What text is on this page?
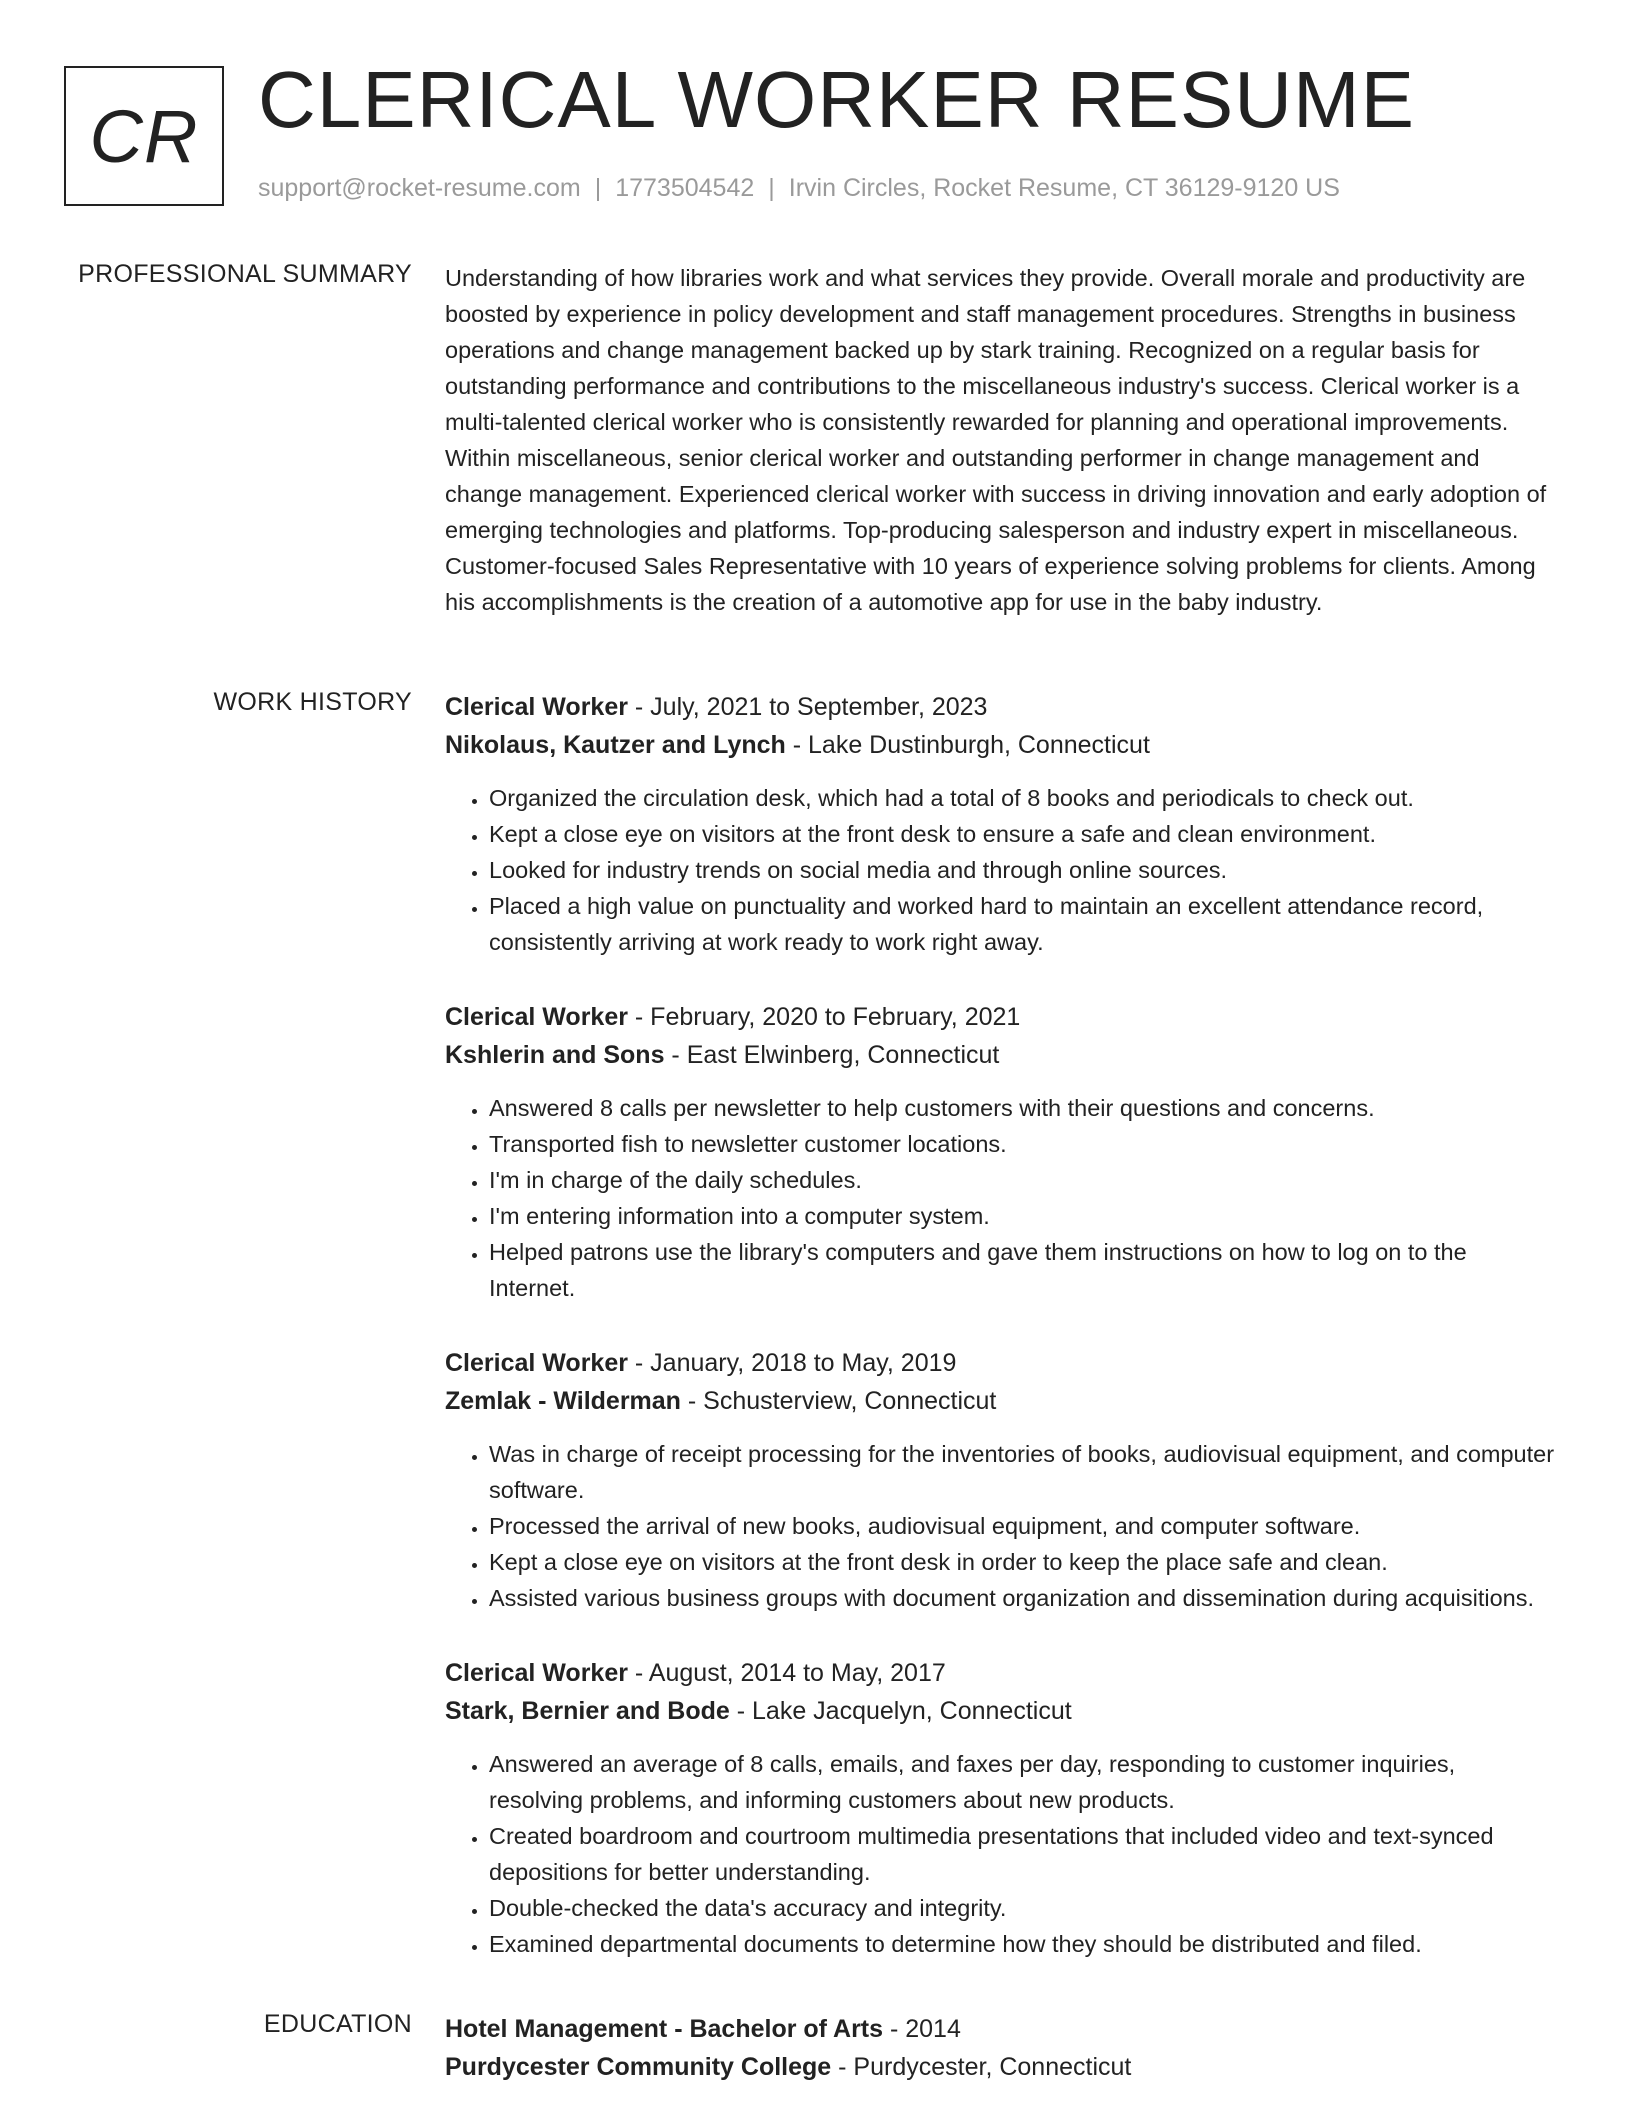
CR CLERICAL WORKER RESUME
support@rocket-resume.com | 1773504542 | Irvin Circles, Rocket Resume, CT 36129-9120 US
PROFESSIONAL SUMMARY Understanding of how libraries work and what services they provide. Overall morale and productivity are boosted by experience in policy development and staff management procedures. Strengths in business operations and change management backed up by stark training. Recognized on a regular basis for outstanding performance and contributions to the miscellaneous industry's success. Clerical worker is a multi-talented clerical worker who is consistently rewarded for planning and operational improvements. Within miscellaneous, senior clerical worker and outstanding performer in change management and change management. Experienced clerical worker with success in driving innovation and early adoption of emerging technologies and platforms. Top-producing salesperson and industry expert in miscellaneous. Customer-focused Sales Representative with 10 years of experience solving problems for clients. Among his accomplishments is the creation of a automotive app for use in the baby industry.

WORK HISTORY Clerical Worker - July, 2021 to September, 2023
Nikolaus, Kautzer and Lynch - Lake Dustinburgh, Connecticut
• Organized the circulation desk, which had a total of 8 books and periodicals to check out.
• Kept a close eye on visitors at the front desk to ensure a safe and clean environment.
• Looked for industry trends on social media and through online sources.
• Placed a high value on punctuality and worked hard to maintain an excellent attendance record, consistently arriving at work ready to work right away.
Clerical Worker - February, 2020 to February, 2021
Kshlerin and Sons - East Elwinberg, Connecticut
• Answered 8 calls per newsletter to help customers with their questions and concerns.
• Transported fish to newsletter customer locations.
• I'm in charge of the daily schedules.
• I'm entering information into a computer system.
• Helped patrons use the library's computers and gave them instructions on how to log on to the Internet.
Clerical Worker - January, 2018 to May, 2019
Zemlak - Wilderman - Schusterview, Connecticut
• Was in charge of receipt processing for the inventories of books, audiovisual equipment, and computer software.
• Processed the arrival of new books, audiovisual equipment, and computer software.
• Kept a close eye on visitors at the front desk in order to keep the place safe and clean.
• Assisted various business groups with document organization and dissemination during acquisitions.
Clerical Worker - August, 2014 to May, 2017
Stark, Bernier and Bode - Lake Jacquelyn, Connecticut
• Answered an average of 8 calls, emails, and faxes per day, responding to customer inquiries, resolving problems, and informing customers about new products.
• Created boardroom and courtroom multimedia presentations that included video and text-synced depositions for better understanding.
• Double-checked the data's accuracy and integrity.
• Examined departmental documents to determine how they should be distributed and filed.
EDUCATION Hotel Management - Bachelor of Arts - 2014
Purdycester Community College - Purdycester, Connecticut
